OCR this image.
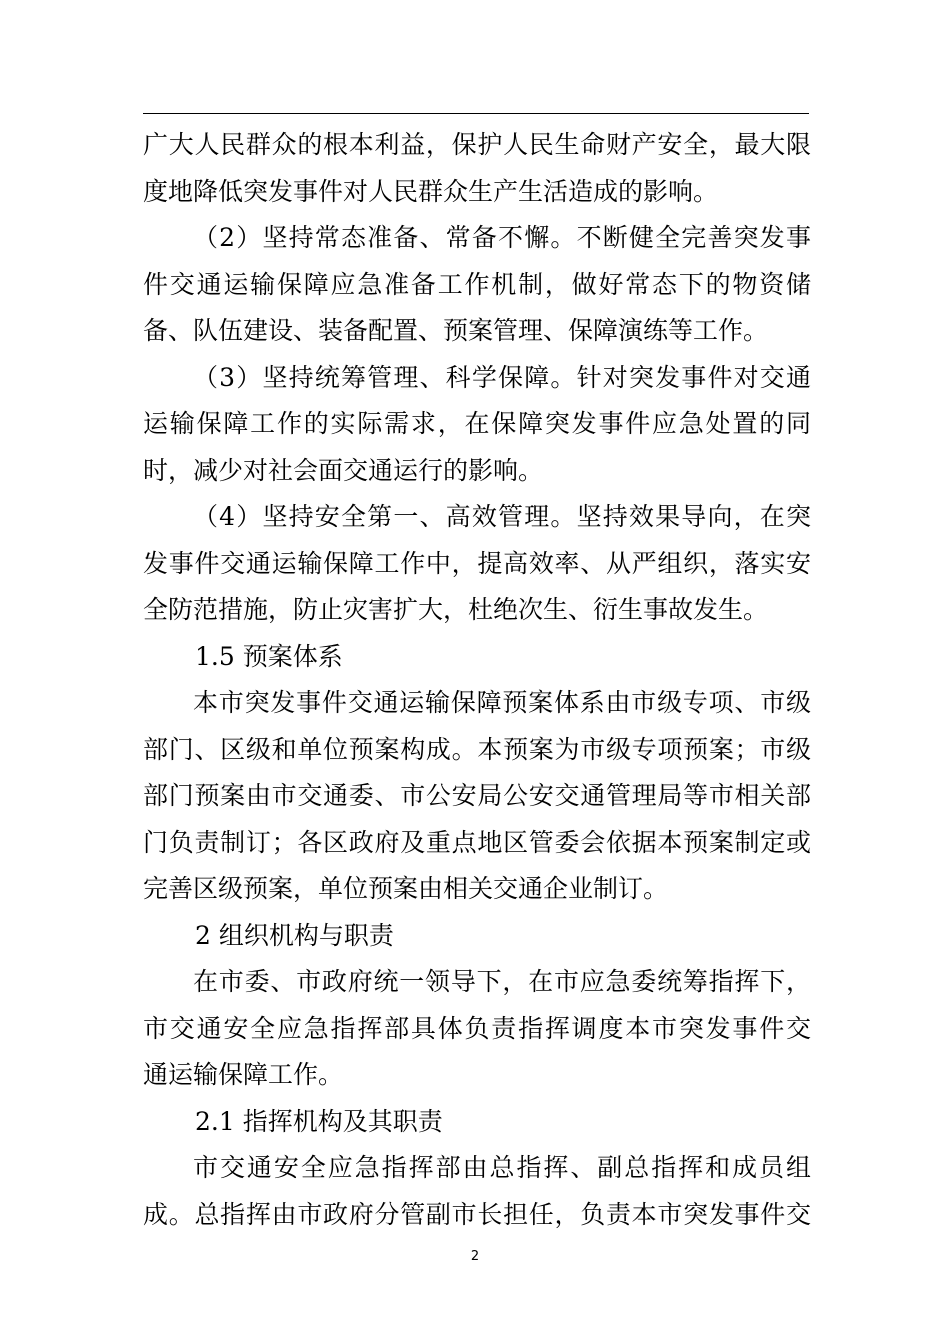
广大人民群众的根本利益，保护人民生命财产安全，最大限
度地降低突发事件对人民群众生产生活造成的影响。
（2）坚持常态准备、常备不懈。不断健全完善突发事
件交通运输保障应急准备工作机制，做好常态下的物资储
备、队伍建设、装备配置、预案管理、保障演练等工作。
（3）坚持统筹管理、科学保障。针对突发事件对交通
运输保障工作的实际需求，在保障突发事件应急处置的同
时，减少对社会面交通运行的影响。
（4）坚持安全第一、高效管理。坚持效果导向，在突
发事件交通运输保障工作中，提高效率、从严组织，落实安
全防范措施，防止灾害扩大，杜绝次生、衍生事故发生。
1.5 预案体系
本市突发事件交通运输保障预案体系由市级专项、市级
部门、区级和单位预案构成。本预案为市级专项预案；市级
部门预案由市交通委、市公安局公安交通管理局等市相关部
门负责制订；各区政府及重点地区管委会依据本预案制定或
完善区级预案，单位预案由相关交通企业制订。
2 组织机构与职责
在市委、市政府统一领导下，在市应急委统筹指挥下，
市交通安全应急指挥部具体负责指挥调度本市突发事件交
通运输保障工作。
2.1 指挥机构及其职责
市交通安全应急指挥部由总指挥、副总指挥和成员组
成。总指挥由市政府分管副市长担任，负责本市突发事件交
2
